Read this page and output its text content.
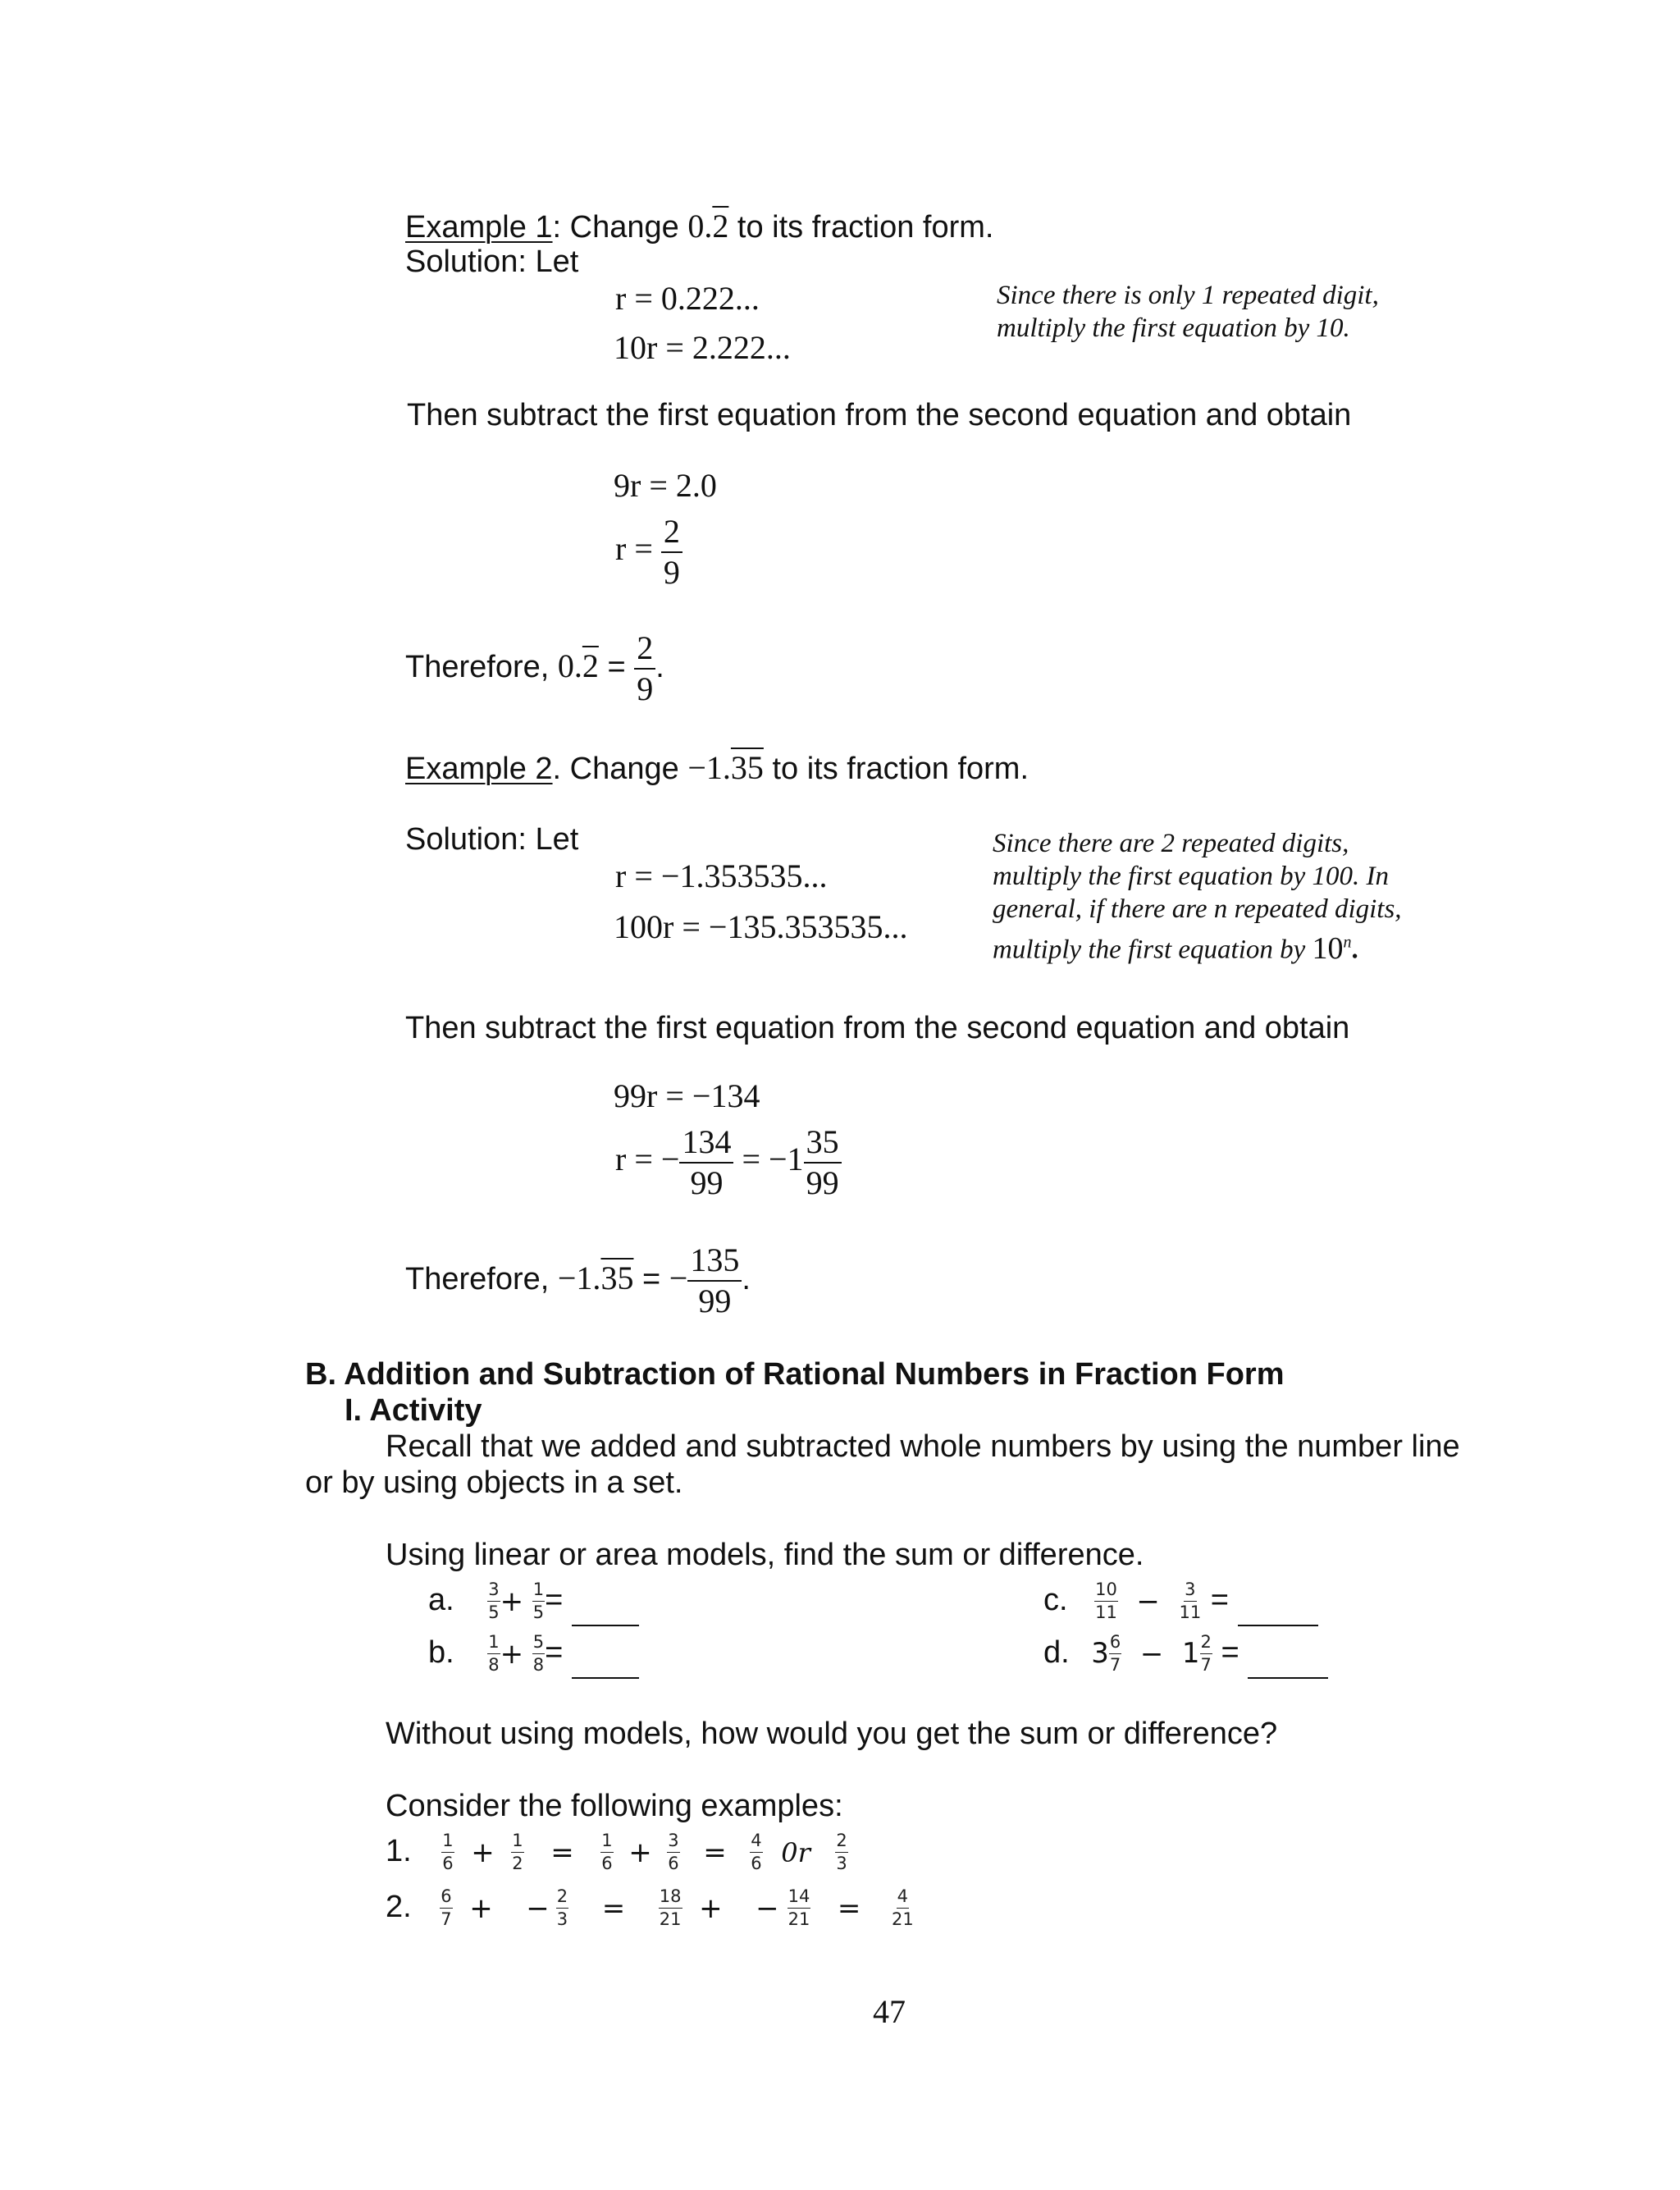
Example 1: Change 0.2 to its fraction form.
Solution: Let
r = 0.222...
10r = 2.222...
Since there is only 1 repeated digit,
multiply the first equation by 10.
Then subtract the first equation from the second equation and obtain
9r = 2.0
$r = \frac{2}{9}$
Therefore, $0.2 = \frac{2}{9}$ .
Example 2. Change −1.35 to its fraction form.
Solution: Let
r = −1.353535...
100r = −135.353535...
Since there are 2 repeated digits,
multiply the first equation by 100. In
general, if there are n repeated digits,
multiply the first equation by 10$^n$.
Then subtract the first equation from the second equation and obtain
99r = −134
r = − $\frac{134}{99} = -1 \frac{35}{99}$
Therefore, −1.35 = − $\frac{135}{99}$ .
B. Addition and Subtraction of Rational Numbers in Fraction Form
I. Activity
Recall that we added and subtracted whole numbers by using the number line
or by using objects in a set.
Using linear or area models, find the sum or difference.
a. $\frac{3}{5} + \frac{1}{5}$ =
b. $\frac{1}{8} + \frac{5}{8}$ =
c. $\frac{10}{11} - \frac{3}{11}$ =
d. $3 \frac{6}{7} - 1 \frac{2}{7}$ =
Without using models, how would you get the sum or difference?
Consider the following examples:
1. $\frac{1}{6} + \frac{1}{2} = \frac{1}{6} + \frac{3}{6} = \frac{4}{6} 0r \frac{2}{3}$
2. $\frac{6}{7}$ + − $\frac{2}{3} = \frac{18}{21}$ + − $\frac{14}{21} = \frac{4}{21}$
47
